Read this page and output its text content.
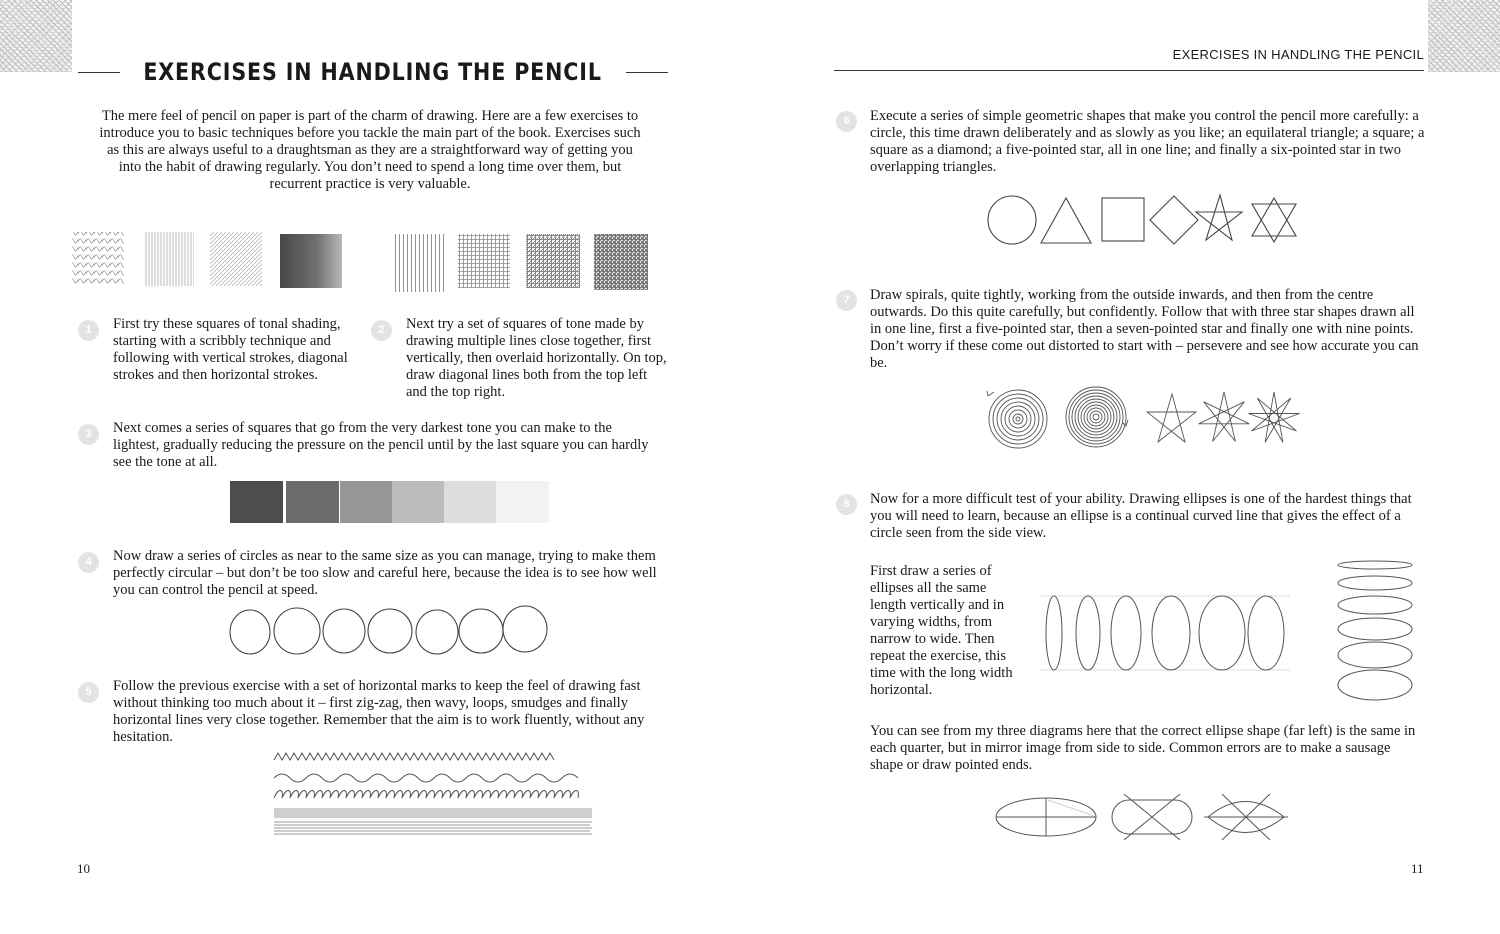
EXERCISES IN HANDLING THE PENCIL

The mere feel of pencil on paper is part of the charm of drawing. Here are a few exercises to introduce you to basic techniques before you tackle the main part of the book. Exercises such as this are always useful to a draughtsman as they are a straightforward way of getting you into the habit of drawing regularly. You don’t need to spend a long time over them, but recurrent practice is very valuable.

1	First try these squares of tonal shading, starting with a scribbly technique and following with vertical strokes, diagonal strokes and then horizontal strokes.

2	Next try a set of squares of tone made by drawing multiple lines close together, first vertically, then overlaid horizontally. On top, draw diagonal lines both from the top left and the top right.

3	Next comes a series of squares that go from the very darkest tone you can make to the lightest, gradually reducing the pressure on the pencil until by the last square you can hardly see the tone at all.

4	Now draw a series of circles as near to the same size as you can manage, trying to make them perfectly circular – but don’t be too slow and careful here, because the idea is to see how well you can control the pencil at speed.

5	Follow the previous exercise with a set of horizontal marks to keep the feel of drawing fast without thinking too much about it – first zig-zag, then wavy, loops, smudges and finally horizontal lines very close together. Remember that the aim is to work fluently, without any hesitation.

10
EXERCISES IN HANDLING THE PENCIL
6	Execute a series of simple geometric shapes that make you control the pencil more carefully: a circle, this time drawn deliberately and as slowly as you like; an equilateral triangle; a square; a square as a diamond; a five-pointed star, all in one line; and finally a six-pointed star in two overlapping triangles.

7	Draw spirals, quite tightly, working from the outside inwards, and then from the centre outwards. Do this quite carefully, but confidently. Follow that with three star shapes drawn all in one line, first a five-pointed star, then a seven-pointed star and finally one with nine points. Don’t worry if these come out distorted to start with – persevere and see how accurate you can be.

8	Now for a more difficult test of your ability. Drawing ellipses is one of the hardest things that you will need to learn, because an ellipse is a continual curved line that gives the effect of a circle seen from the side view.

First draw a series of ellipses all the same length vertically and in varying widths, from narrow to wide. Then repeat the exercise, this time with the long width horizontal.

You can see from my three diagrams here that the correct ellipse shape (far left) is the same in each quarter, but in mirror image from side to side. Common errors are to make a sausage shape or draw pointed ends.

11
